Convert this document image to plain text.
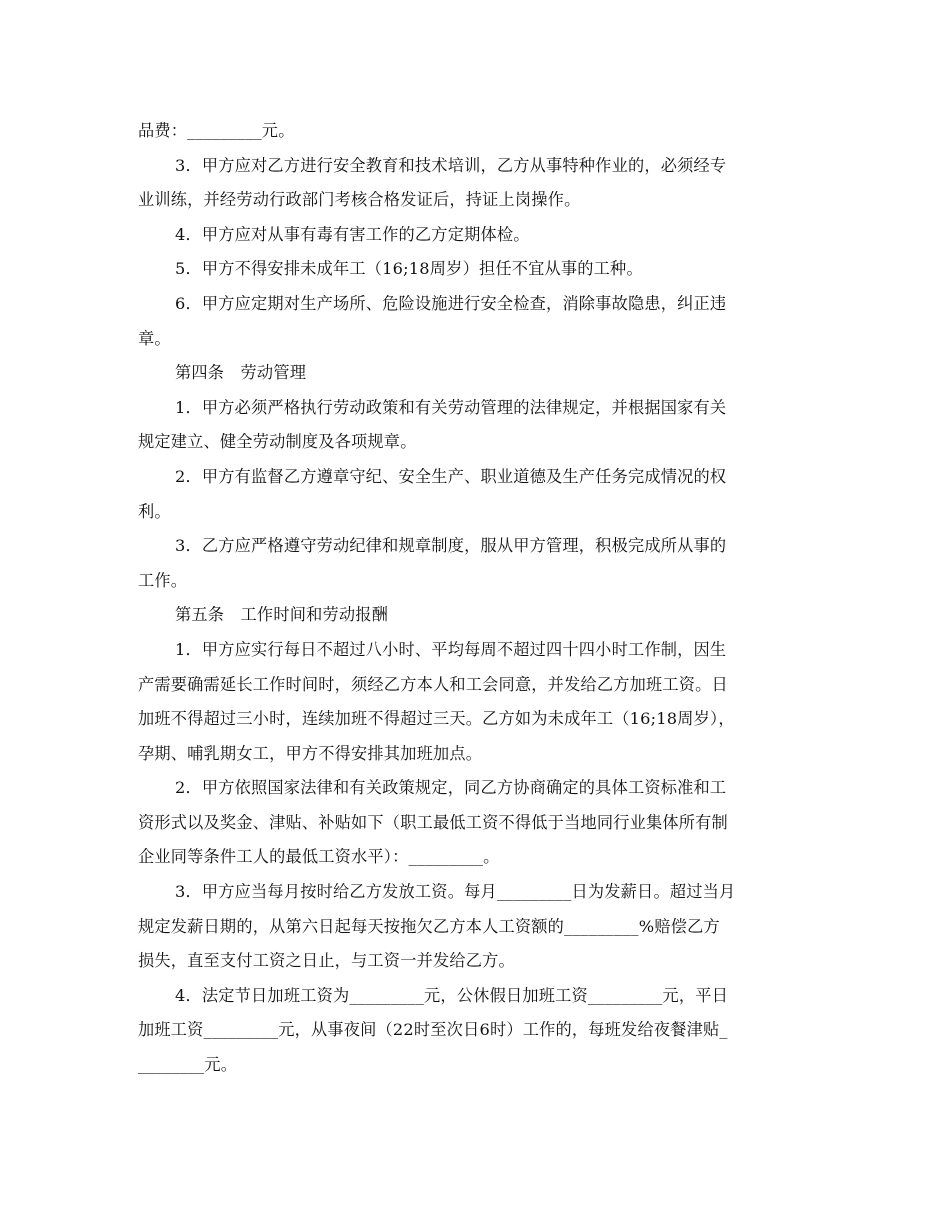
品费：_________元。
3．甲方应对乙方进行安全教育和技术培训，乙方从事特种作业的，必须经专
业训练，并经劳动行政部门考核合格发证后，持证上岗操作。
4．甲方应对从事有毒有害工作的乙方定期体检。
5．甲方不得安排未成年工（16;18周岁）担任不宜从事的工种。
6．甲方应定期对生产场所、危险设施进行安全检查，消除事故隐患，纠正违
章。
第四条　劳动管理
1．甲方必须严格执行劳动政策和有关劳动管理的法律规定，并根据国家有关
规定建立、健全劳动制度及各项规章。
2．甲方有监督乙方遵章守纪、安全生产、职业道德及生产任务完成情况的权
利。
3．乙方应严格遵守劳动纪律和规章制度，服从甲方管理，积极完成所从事的
工作。
第五条　工作时间和劳动报酬
1．甲方应实行每日不超过八小时、平均每周不超过四十四小时工作制，因生
产需要确需延长工作时间时，须经乙方本人和工会同意，并发给乙方加班工资。日
加班不得超过三小时，连续加班不得超过三天。乙方如为未成年工（16;18周岁），
孕期、哺乳期女工，甲方不得安排其加班加点。
2．甲方依照国家法律和有关政策规定，同乙方协商确定的具体工资标准和工
资形式以及奖金、津贴、补贴如下（职工最低工资不得低于当地同行业集体所有制
企业同等条件工人的最低工资水平）：_________。
3．甲方应当每月按时给乙方发放工资。每月_________日为发薪日。超过当月
规定发薪日期的，从第六日起每天按拖欠乙方本人工资额的_________%赔偿乙方
损失，直至支付工资之日止，与工资一并发给乙方。
4．法定节日加班工资为_________元，公休假日加班工资_________元，平日
加班工资_________元，从事夜间（22时至次日6时）工作的，每班发给夜餐津贴_
________元。
